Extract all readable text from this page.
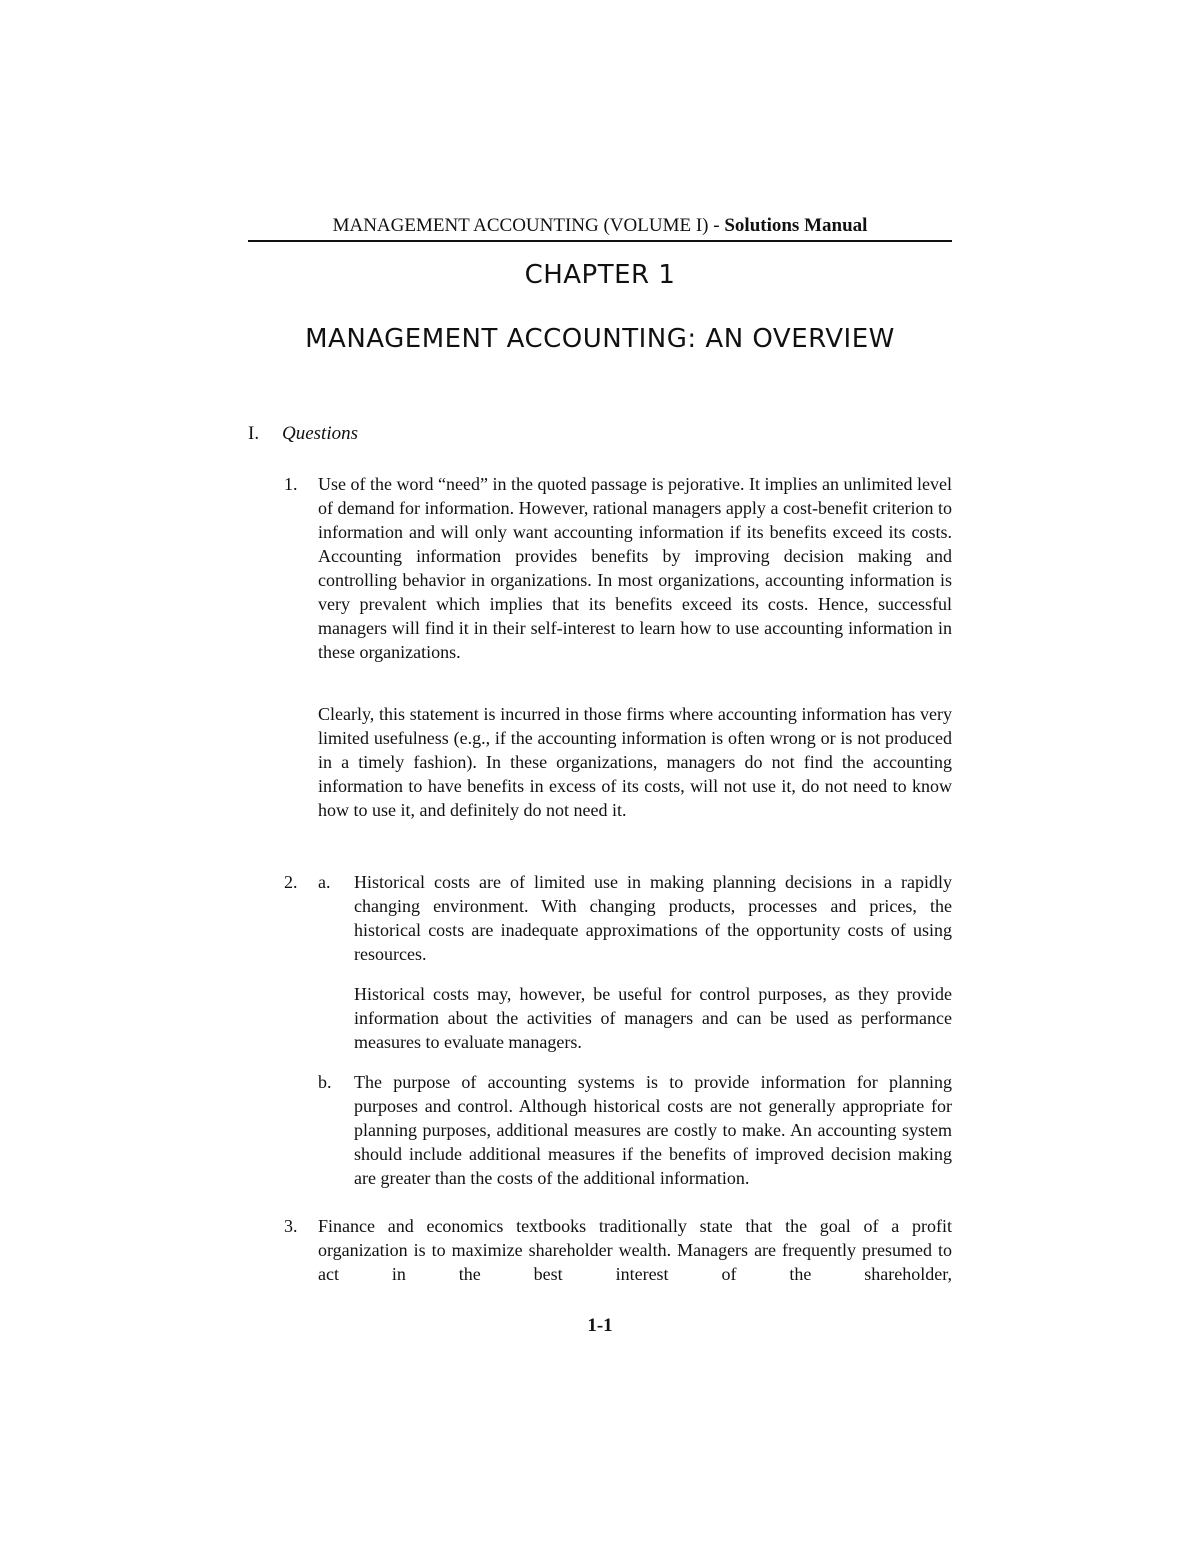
MANAGEMENT ACCOUNTING (VOLUME I) - Solutions Manual
CHAPTER 1
MANAGEMENT ACCOUNTING: AN OVERVIEW
I. Questions
1. Use of the word “need” in the quoted passage is pejorative. It implies an unlimited level of demand for information. However, rational managers apply a cost-benefit criterion to information and will only want accounting information if its benefits exceed its costs. Accounting information provides benefits by improving decision making and controlling behavior in organizations. In most organizations, accounting information is very prevalent which implies that its benefits exceed its costs. Hence, successful managers will find it in their self-interest to learn how to use accounting information in these organizations.
Clearly, this statement is incurred in those firms where accounting information has very limited usefulness (e.g., if the accounting information is often wrong or is not produced in a timely fashion). In these organizations, managers do not find the accounting information to have benefits in excess of its costs, will not use it, do not need to know how to use it, and definitely do not need it.
2. a. Historical costs are of limited use in making planning decisions in a rapidly changing environment. With changing products, processes and prices, the historical costs are inadequate approximations of the opportunity costs of using resources.
Historical costs may, however, be useful for control purposes, as they provide information about the activities of managers and can be used as performance measures to evaluate managers.
b. The purpose of accounting systems is to provide information for planning purposes and control. Although historical costs are not generally appropriate for planning purposes, additional measures are costly to make. An accounting system should include additional measures if the benefits of improved decision making are greater than the costs of the additional information.
3. Finance and economics textbooks traditionally state that the goal of a profit organization is to maximize shareholder wealth. Managers are frequently presumed to act in the best interest of the shareholder,
1-1
